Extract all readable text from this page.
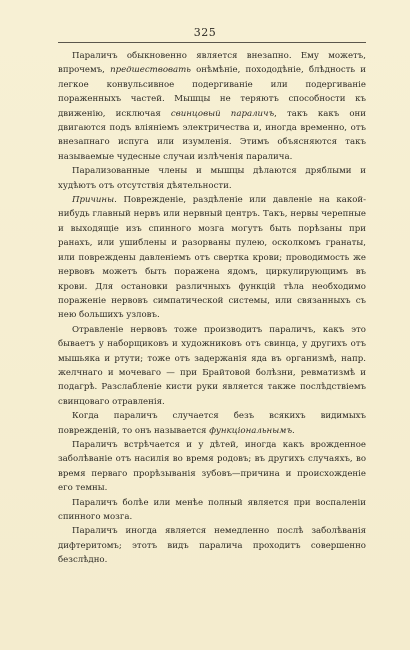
325

Параличъ обыкновенно является внезапно. Ему можетъ, впрочемъ, предшествовать онѣмѣніе, похододѣніе, блѣдность и легкое конвульсивное подергиваніе или подергиваніе пораженныхъ частей. Мышцы не теряютъ способности къ движенію, исключая свинцовый параличъ, такъ какъ они двигаются подъ вліяніемъ электричества и, иногда временно, отъ внезапнаго испуга или изумленія. Этимъ объясняются такъ называемые чудесные случаи излѣченія паралича.

Парализованные члены и мышцы дѣлаются дряблыми и худѣютъ отъ отсутствія дѣятельности.

Причины. Поврежденіе, раздѣленіе или давленіе на какой-нибудь главный нервъ или нервный центръ. Такъ, нервы черепные и выходящіе изъ спинного мозга могутъ быть порѣзаны при ранахъ, или ушиблены и разорваны пулею, осколкомъ гранаты, или повреждены давленіемъ отъ свертка крови; проводимость же нервовъ можетъ быть поражена ядомъ, циркулирующимъ въ крови. Для остановки различныхъ функцій тѣла необходимо пораженіе нервовъ симпатической системы, или связанныхъ съ нею большихъ узловъ.

Отравленіе нервовъ тоже производитъ параличъ, какъ это бываетъ у наборщиковъ и художниковъ отъ свинца, у другихъ отъ мышьяка и ртути; тоже отъ задержанія яда въ организмѣ, напр. желчнаго и мочеваго — при Брайтовой болѣзни, ревматизмѣ и подагрѣ. Разслабленіе кисти руки является также послѣдствіемъ свинцоваго отравленія.

Когда параличъ случается безъ всякихъ видимыхъ поврежденій, то онъ называется функціональнымъ.

Параличъ встрѣчается и у дѣтей, иногда какъ врожденное заболѣваніе отъ насилія во время родовъ; въ другихъ случаяхъ, во время перваго прорѣзыванія зубовъ—причина и происхожденіе его темны.

Параличъ болѣе или менѣе полный является при воспаленіи спинного мозга.

Параличъ иногда является немедленно послѣ заболѣванія дифтеритомъ; этотъ видъ паралича проходитъ совершенно безслѣдно.
